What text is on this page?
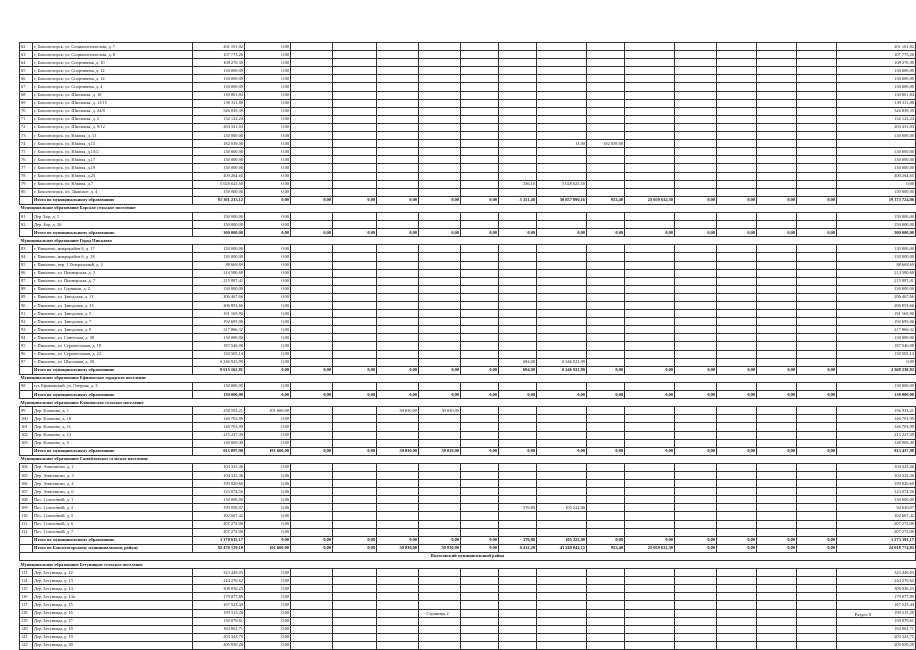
62	г. Бокситогорск, ул. Социалистическая, д. 7	201 101,02	0,00														201 101,02
63	г. Бокситогорск, ул. Социалистическая, д. 8	107 775,26	0,00														107 775,26
64	г. Бокситогорск, ул. Спортивная, д. 10	108 270,30	0,00														108 270,30
65	г. Бокситогорск, ул. Спортивная, д. 12	130 000,00	0,00														130 000,00
66	г. Бокситогорск, ул. Спортивная, д. 14	130 000,00	0,00														130 000,00
67	г. Бокситогорск, ул. Спортивная, д. 4	130 000,00	0,00														130 000,00
68	г. Бокситогорск, ул. Школьная, д. 10	130 801,84	0,00														130 801,84
69	г. Бокситогорск, ул. Школьная, д. 11/15	139 311,88	0,00														139 311,88
70	г. Бокситогорск, ул. Школьная, д. 24/8	526 839,39	0,00														526 839,39
71	г. Бокситогорск, ул. Школьная, д. 5	132 122,24	0,00														132 122,24
72	г. Бокситогорск, ул. Школьная, д. 9/12	203 331,03	0,00														203 331,03
73	г. Бокситогорск, ул. Южная, д. 13	130 000,00	0,00														130 000,00
74	г. Бокситогорск, ул. Южная, д.15	182 039,00	0,00							13,00	182 039,00						
75	г. Бокситогорск, ул. Южная, д.15/2	130 000,00	0,00														130 000,00
76	г. Бокситогорск, ул. Южная, д.17	130 000,00	0,00														130 000,00
77	г. Бокситогорск, ул. Южная, д.19	130 000,00	0,00														130 000,00
78	г. Бокситогорск, ул. Южная, д.25	400 264,65	0,00														400 264,65
79	г. Бокситогорск, ул. Южная, д.7	5 028 625,50	0,00						336,10	5 028 625,50							0,00
80	г. Бокситогорск, пл. Дымское, д. 4	150 000,00	0,00														150 000,00
	Итого по муниципальному образованию	81 301 233,12	0,00	0,00	0,00	0,00	0,00	0,00	5 351,40	30 857 896,16	953,40	25 059 632,30	0,00	0,00	0,00	0,00	19 373 724,86
Муниципальное образование Борское сельское поселение																	
81	Дер. Бор, д. 1	150 000,00	0,00														150 000,00
82	Дер. Бор, д. 26	150 000,00	0,00														150 000,00
	Итого по муниципальному образованию	300 000,00	0,00	0,00	0,00	0,00	0,00	0,00	0,00	0,00	0,00	0,00	0,00	0,00	0,00	0,00	300 000,00
Муниципальное образование Город Пикалево																	
83	г. Пикалево, микрорайон 6, д. 17	130 000,00	0,00														130 000,00
84	г. Пикалево, микрорайон 6, д. 18	130 000,00	0,00														130 000,00
85	г. Пикалево, пер. 1 Театральный, д. 2	88 668,69	0,00														88 668,69
86	г. Пикалево, ул. Пионерская, д. 3	214 580,68	0,00														214 580,68
87	г. Пикалево, ул. Пионерская, д. 7	215 887,41	0,00														215 887,41
88	г. Пикалево, ул. Горняков, д. 2	130 000,00	0,00														130 000,00
89	г. Пикалево, ул. Заводская, д. 11	206 467,66	0,00														206 467,66
90	г. Пикалево, ул. Заводская, д. 13	206 853,66	0,00														206 853,66
91	г. Пикалево, ул. Заводская, д. 5	191 165,90	0,00														191 165,90
92	г. Пикалево, ул. Заводская, д. 7	192 695,06	0,00														192 695,06
93	г. Пикалево, ул. Заводская, д. 9	217 866,32	0,00														217 866,32
94	г. Пикалево, ул. Советская, д. 38	130 000,00	0,00														130 000,00
95	г. Пикалево, ул. Строительная, д. 18	187 546,98	0,00														187 546,98
96	г. Пикалево, ул. Строительная, д. 22	150 505,14	0,00														150 505,14
97	г. Пикалево, ул. Школьная, д. 58	6 246 923,99	0,00						684,00	6 246 923,99							0,00
	Итого по муниципальному образованию	8 615 162,81	0,00	0,00	0,00	0,00	0,00	0,00	684,00	6 246 923,99	0,00	0,00	0,00	0,00	0,00	0,00	2 368 238,82
Муниципальное образование Ефимовское городское поселение																	
98	г.п. Ефимовский, ул. Озерная, д. 3	130 000,00	0,00														130 000,00
	Итого по муниципальному образованию	130 000,00	0,00	0,00	0,00	0,00	0,00	0,00	0,00	0,00	0,00	0,00	0,00	0,00	0,00	0,00	130 000,00
Муниципальное образование Климовское сельское поселение																	
99	Дер. Климово, д. 1	258 593,21	101 660,00			50 830,00	50 830,00										156 933,21
100	Дер. Климово, д. 10	146 703,99	0,00														146 703,99
101	Дер. Климово, д. 11	146 703,99	0,00														146 703,99
102	Дер. Климово, д. 12	215 227,39	0,00														215 227,39
103	Дер. Климово, д. 5	148 069,40	0,00														148 069,40
	Итого по муниципальному образованию	915 097,98	101 660,00	0,00	0,00	50 830,00	50 830,00	0,00	0,00	0,00	0,00	0,00	0,00	0,00	0,00	0,00	813 437,98
Муниципальное образование Самойловское сельское поселение																	
104	Дер. Анисимово, д. 2	104 325,36	0,00														104 325,36
105	Дер. Анисимово, д. 3	104 325,36	0,00														104 325,36
106	Дер. Анисимово, д. 4	199 820,60	0,00														199 820,60
107	Дер. Анисимово, д. 6	123 074,56	0,00														123 074,56
108	Пос. Совхозный, д. 1	130 000,00	0,00														130 000,00
109	Пос. Совхозный, д. 2	199 858,07	0,00						376,80	105 222,00							94 636,07
110	Пос. Совхозный, д. 5	102 667,42	0,00														102 667,42
111	Пос. Совхозный, д. 6	207 272,00	0,00														207 272,00
112	Пос. Совхозный, д. 7	207 272,00	0,00														207 272,00
	Итого по муниципальному образованию	1 378 615,17	0,00	0,00	0,00	0,00	0,00	0,00	376,80	105 222,00	0,00	0,00	0,00	0,00	0,00	0,00	1 273 393,17
	Итого по Бокситогорскому муниципальному району	92 470 129,18	101 660,00	0,00	0,00	50 830,00	50 830,00	0,00	6 412,20	43 240 042,15	953,40	25 059 632,30	0,00	0,00	0,00	0,00	24 018 774,83
Волосовский муниципальный район																	
Муниципальное образование Бегуницкое сельское поселение																	
113	Дер. Бегуницы, д. 12	323 449,03	0,00														323 449,03
114	Дер. Бегуницы, д. 13	244 270,62	0,00														244 270,62
115	Дер. Бегуницы, д. 14	308 836,23	0,00														308 836,23
116	Дер. Бегуницы, д. 14а	179 877,89	0,00														179 877,89
117	Дер. Бегуницы, д. 15	167 523,44	0,00														167 523,44
118	Дер. Бегуницы, д. 16	199 315,28	0,00														199 315,28
119	Дер. Бегуницы, д. 17	150 079,61	0,00														150 079,61
120	Дер. Бегуницы, д. 18	184 802,71	0,00														184 802,71
121	Дер. Бегуницы, д. 19	203 343,75	0,00														203 343,75
122	Дер. Бегуницы, д. 20	205 950,28	0,00														205 950,28
Страница 2	Раздел 0
